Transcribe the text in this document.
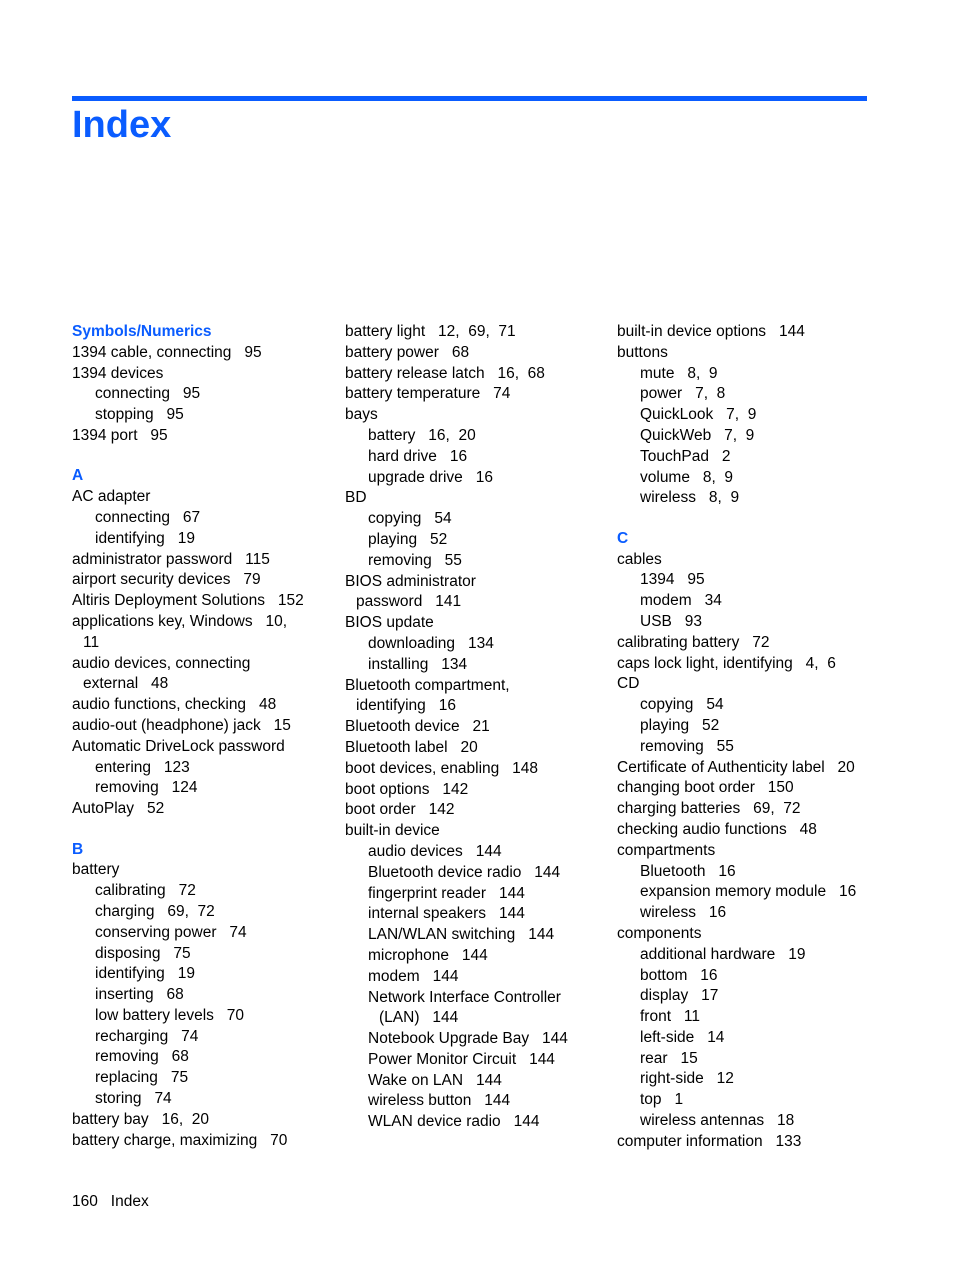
Index
Symbols/Numerics
1394 cable, connecting   95
1394 devices
connecting   95
stopping   95
1394 port   95
A
AC adapter
connecting   67
identifying   19
administrator password   115
airport security devices   79
Altiris Deployment Solutions   152
applications key, Windows   10,
11
audio devices, connecting
external   48
audio functions, checking   48
audio-out (headphone) jack   15
Automatic DriveLock password
entering   123
removing   124
AutoPlay   52
B
battery
calibrating   72
charging   69,  72
conserving power   74
disposing   75
identifying   19
inserting   68
low battery levels   70
recharging   74
removing   68
replacing   75
storing   74
battery bay   16,  20
battery charge, maximizing   70
battery light   12,  69,  71
battery power   68
battery release latch   16,  68
battery temperature   74
bays
battery   16,  20
hard drive   16
upgrade drive   16
BD
copying   54
playing   52
removing   55
BIOS administrator
password   141
BIOS update
downloading   134
installing   134
Bluetooth compartment,
identifying   16
Bluetooth device   21
Bluetooth label   20
boot devices, enabling   148
boot options   142
boot order   142
built-in device
audio devices   144
Bluetooth device radio   144
fingerprint reader   144
internal speakers   144
LAN/WLAN switching   144
microphone   144
modem   144
Network Interface Controller
(LAN)   144
Notebook Upgrade Bay   144
Power Monitor Circuit   144
Wake on LAN   144
wireless button   144
WLAN device radio   144
built-in device options   144
buttons
mute   8,  9
power   7,  8
QuickLook   7,  9
QuickWeb   7,  9
TouchPad   2
volume   8,  9
wireless   8,  9
C
cables
1394   95
modem   34
USB   93
calibrating battery   72
caps lock light, identifying   4,  6
CD
copying   54
playing   52
removing   55
Certificate of Authenticity label   20
changing boot order   150
charging batteries   69,  72
checking audio functions   48
compartments
Bluetooth   16
expansion memory module   16
wireless   16
components
additional hardware   19
bottom   16
display   17
front   11
left-side   14
rear   15
right-side   12
top   1
wireless antennas   18
computer information   133
160 Index
